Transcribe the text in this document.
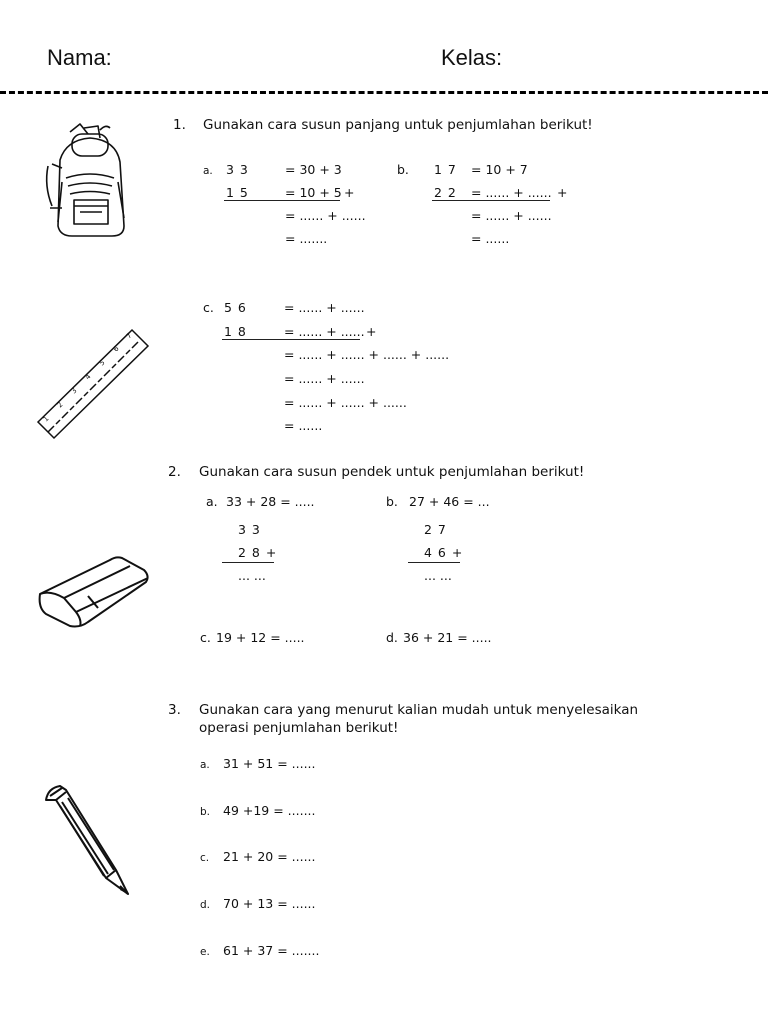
Nama:	Kelas:
1. Gunakan cara susun panjang untuk penjumlahan berikut!
a. 3 3	= 30 + 3
1 5	= 10 + 5 +
= ...... + ......
= .......
b. 1 7 = 10 + 7
2 2 = ...... + ...... +
= ...... + ......
= ......
c. 5 6	= ...... + ......
1 8	= ...... + ...... +
= ...... + ...... + ...... + ......
= ...... + ......
= ...... + ...... + ......
= ......
2. Gunakan cara susun pendek untuk penjumlahan berikut!
a. 33 + 28 = .....
3 3
2 8 +
... ...
b. 27 + 46 = ...
2 7
4 6 +
... ...
c. 19 + 12 = .....	d. 36 + 21 = .....
3. Gunakan cara yang menurut kalian mudah untuk menyelesaikan
operasi penjumlahan berikut!
a. 31 + 51 = ......
b. 49 +19 = .......
c. 21 + 20 = ......
d. 70 + 13 = ......
e. 61 + 37 = .......
1
2
3
4
5
6
7
